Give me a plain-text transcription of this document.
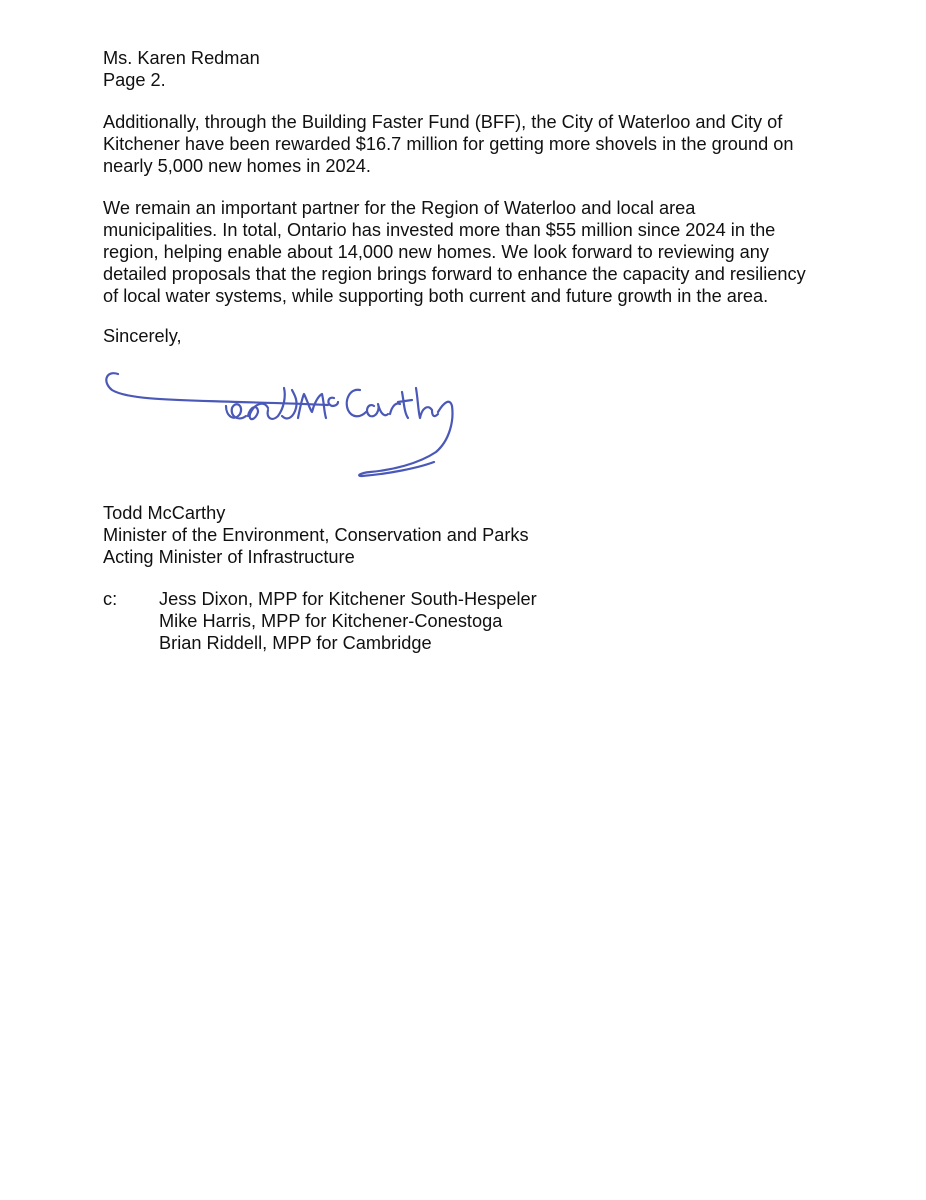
Ms. Karen Redman
Page 2.

Additionally, through the Building Faster Fund (BFF), the City of Waterloo and City of
Kitchener have been rewarded $16.7 million for getting more shovels in the ground on
nearly 5,000 new homes in 2024.

We remain an important partner for the Region of Waterloo and local area
municipalities. In total, Ontario has invested more than $55 million since 2024 in the
region, helping enable about 14,000 new homes. We look forward to reviewing any
detailed proposals that the region brings forward to enhance the capacity and resiliency
of local water systems, while supporting both current and future growth in the area.

Sincerely,
Todd McCarthy
Minister of the Environment, Conservation and Parks
Acting Minister of Infrastructure
c:	Jess Dixon, MPP for Kitchener South-Hespeler
Mike Harris, MPP for Kitchener-Conestoga
Brian Riddell, MPP for Cambridge
